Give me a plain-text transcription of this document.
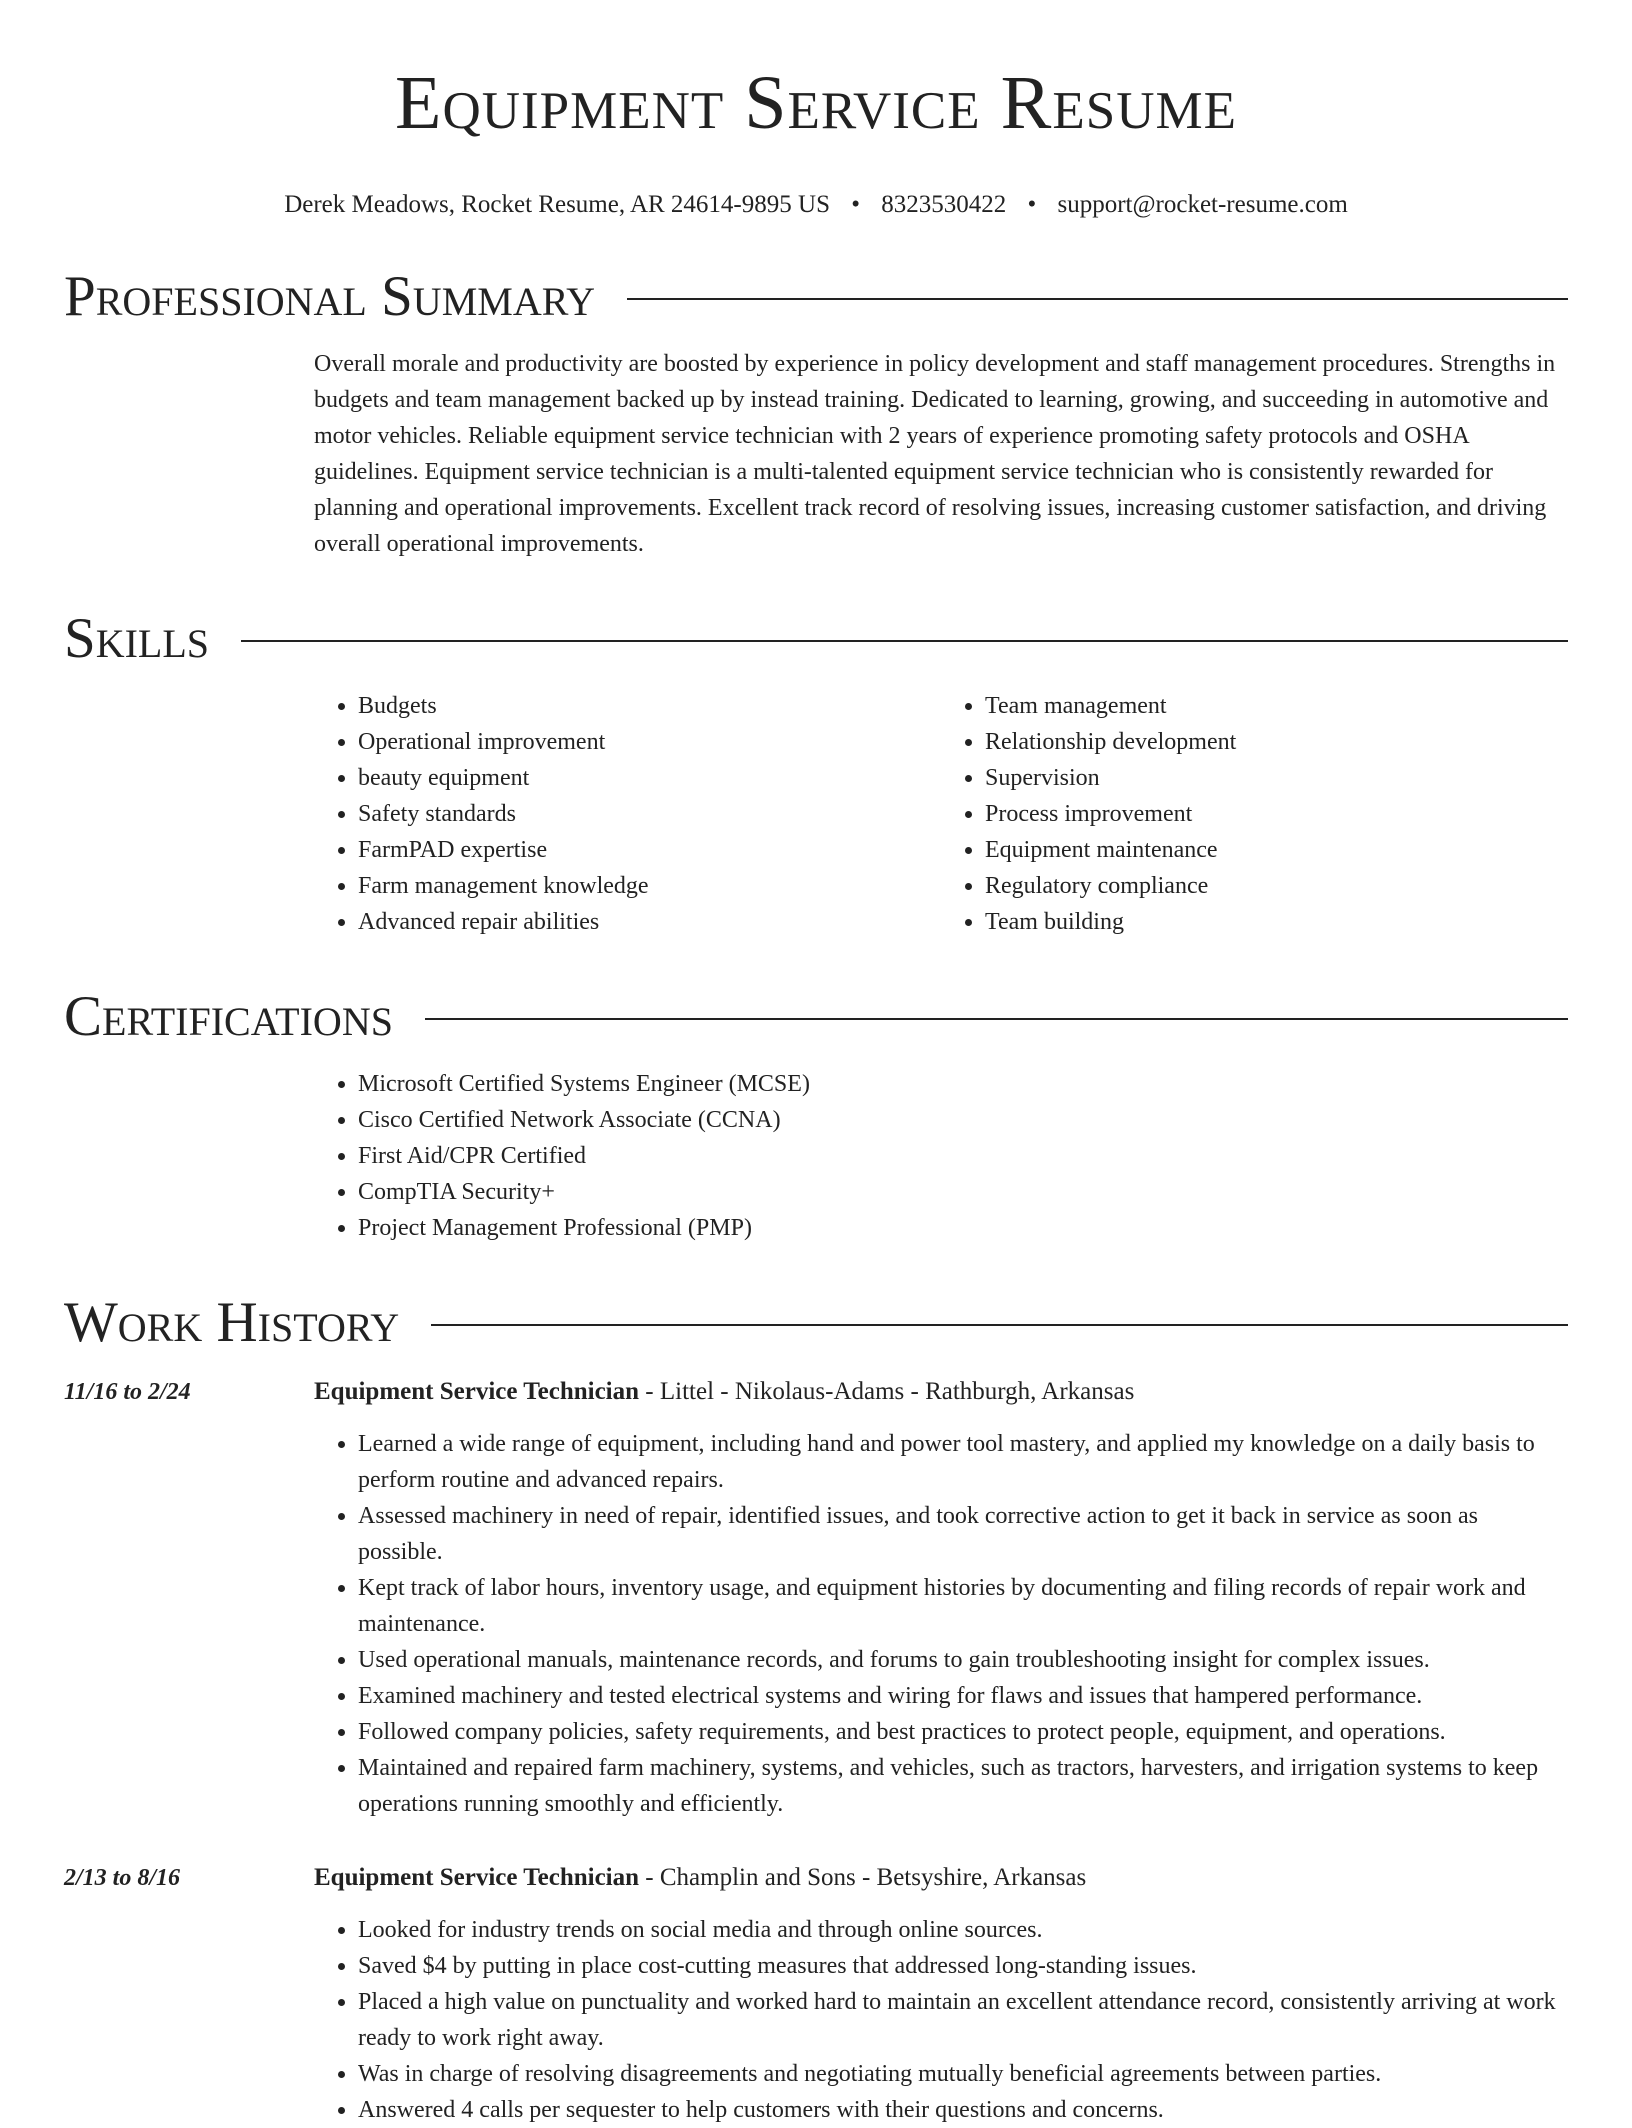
Equipment Service Resume
Derek Meadows, Rocket Resume, AR 24614-9895 US • 8323530422 • support@rocket-resume.com
Professional Summary
Overall morale and productivity are boosted by experience in policy development and staff management procedures. Strengths in budgets and team management backed up by instead training. Dedicated to learning, growing, and succeeding in automotive and motor vehicles. Reliable equipment service technician with 2 years of experience promoting safety protocols and OSHA guidelines. Equipment service technician is a multi-talented equipment service technician who is consistently rewarded for planning and operational improvements. Excellent track record of resolving issues, increasing customer satisfaction, and driving overall operational improvements.
Skills
• Budgets
• Operational improvement
• beauty equipment
• Safety standards
• FarmPAD expertise
• Farm management knowledge
• Advanced repair abilities
• Team management
• Relationship development
• Supervision
• Process improvement
• Equipment maintenance
• Regulatory compliance
• Team building
Certifications
• Microsoft Certified Systems Engineer (MCSE)
• Cisco Certified Network Associate (CCNA)
• First Aid/CPR Certified
• CompTIA Security+
• Project Management Professional (PMP)
Work History
11/16 to 2/24	Equipment Service Technician - Littel - Nikolaus-Adams - Rathburgh, Arkansas
• Learned a wide range of equipment, including hand and power tool mastery, and applied my knowledge on a daily basis to perform routine and advanced repairs.
• Assessed machinery in need of repair, identified issues, and took corrective action to get it back in service as soon as possible.
• Kept track of labor hours, inventory usage, and equipment histories by documenting and filing records of repair work and maintenance.
• Used operational manuals, maintenance records, and forums to gain troubleshooting insight for complex issues.
• Examined machinery and tested electrical systems and wiring for flaws and issues that hampered performance.
• Followed company policies, safety requirements, and best practices to protect people, equipment, and operations.
• Maintained and repaired farm machinery, systems, and vehicles, such as tractors, harvesters, and irrigation systems to keep operations running smoothly and efficiently.
2/13 to 8/16	Equipment Service Technician - Champlin and Sons - Betsyshire, Arkansas
• Looked for industry trends on social media and through online sources.
• Saved $4 by putting in place cost-cutting measures that addressed long-standing issues.
• Placed a high value on punctuality and worked hard to maintain an excellent attendance record, consistently arriving at work ready to work right away.
• Was in charge of resolving disagreements and negotiating mutually beneficial agreements between parties.
• Answered 4 calls per sequester to help customers with their questions and concerns.
